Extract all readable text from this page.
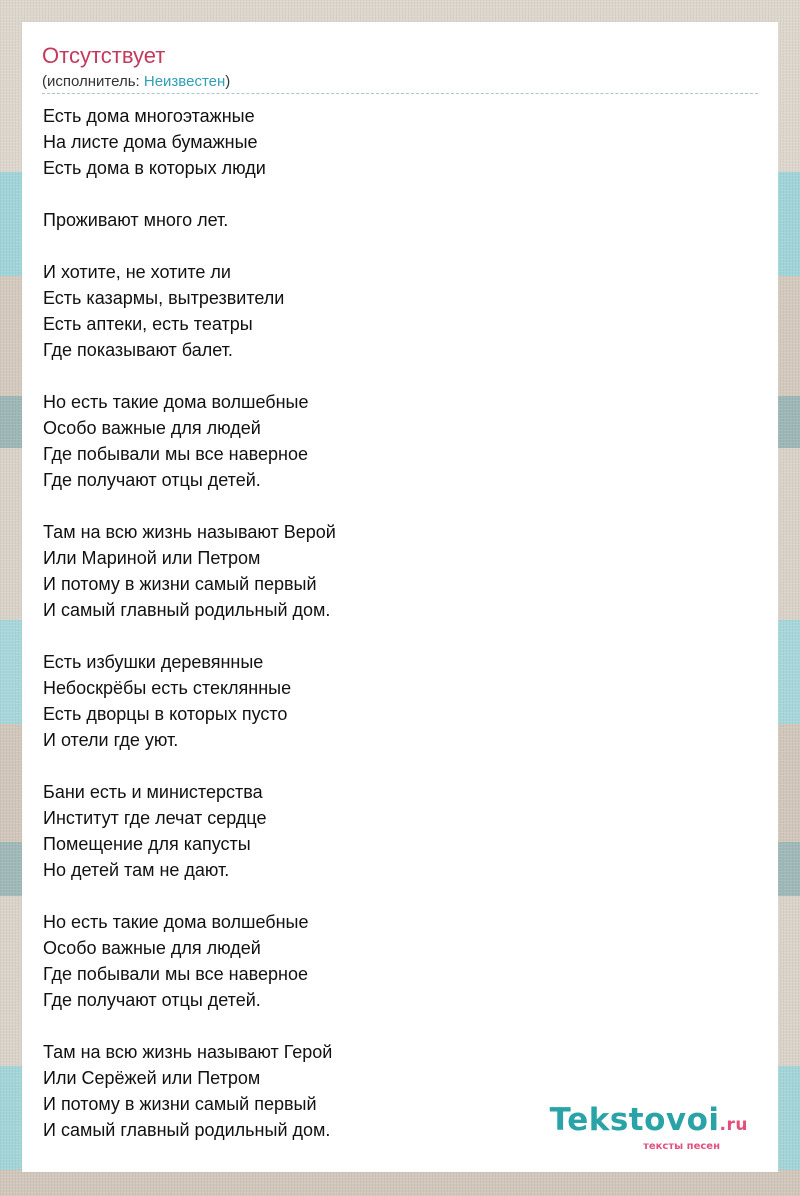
Отсутствует
(исполнитель: Неизвестен)
Есть дома многоэтажные
На листе дома бумажные
Есть дома в которых люди
Проживают много лет.
И хотите, не хотите ли
Есть казармы, вытрезвители
Есть аптеки, есть театры
Где показывают балет.
Но есть такие дома волшебные
Особо важные для людей
Где побывали мы все наверное
Где получают отцы детей.
Там на всю жизнь называют Верой
Или Мариной или Петром
И потому в жизни самый первый
И самый главный родильный дом.
Есть избушки деревянные
Небоскрёбы есть стеклянные
Есть дворцы в которых пусто
И отели где уют.
Бани есть и министерства
Институт где лечат сердце
Помещение для капусты
Но детей там не дают.
Но есть такие дома волшебные
Особо важные для людей
Где побывали мы все наверное
Где получают отцы детей.
Там на всю жизнь называют Герой
Или Серёжей или Петром
И потому в жизни самый первый
И самый главный родильный дом.	Tekstovoi.ru
тексты песен
